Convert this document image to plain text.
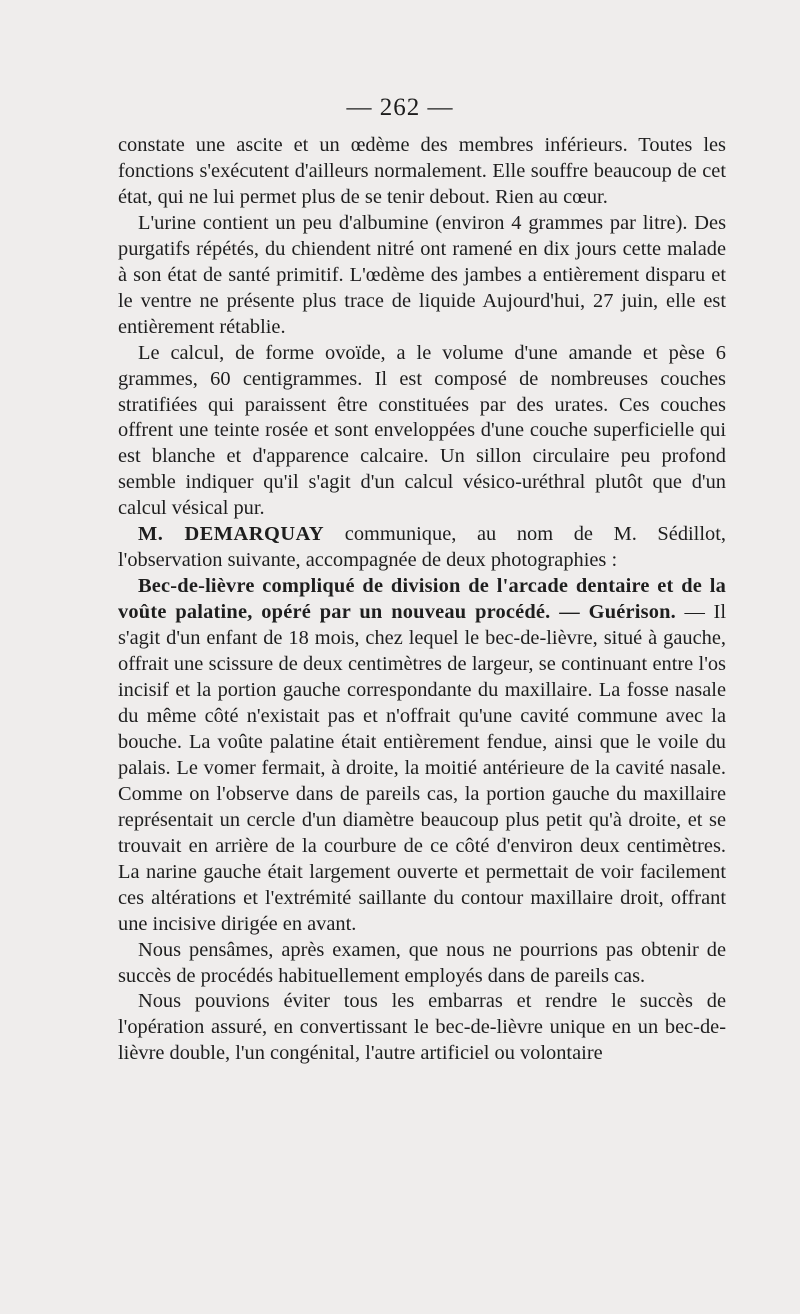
— 262 —

constate une ascite et un œdème des membres inférieurs. Toutes les fonctions s'exécutent d'ailleurs normalement. Elle souffre beaucoup de cet état, qui ne lui permet plus de se tenir debout. Rien au cœur.

L'urine contient un peu d'albumine (environ 4 grammes par litre). Des purgatifs répétés, du chiendent nitré ont ramené en dix jours cette malade à son état de santé primitif. L'œdème des jambes a entièrement disparu et le ventre ne présente plus trace de liquide Aujourd'hui, 27 juin, elle est entièrement rétablie.

Le calcul, de forme ovoïde, a le volume d'une amande et pèse 6 grammes, 60 centigrammes. Il est composé de nombreuses couches stratifiées qui paraissent être constituées par des urates. Ces couches offrent une teinte rosée et sont enveloppées d'une couche superficielle qui est blanche et d'apparence calcaire. Un sillon circulaire peu profond semble indiquer qu'il s'agit d'un calcul vésico-uréthral plutôt que d'un calcul vésical pur.

M. DEMARQUAY communique, au nom de M. Sédillot, l'observation suivante, accompagnée de deux photographies :

Bec-de-lièvre compliqué de division de l'arcade dentaire et de la voûte palatine, opéré par un nouveau procédé. — Guérison. — Il s'agit d'un enfant de 18 mois, chez lequel le bec-de-lièvre, situé à gauche, offrait une scissure de deux centimètres de largeur, se continuant entre l'os incisif et la portion gauche correspondante du maxillaire. La fosse nasale du même côté n'existait pas et n'offrait qu'une cavité commune avec la bouche. La voûte palatine était entièrement fendue, ainsi que le voile du palais. Le vomer fermait, à droite, la moitié antérieure de la cavité nasale. Comme on l'observe dans de pareils cas, la portion gauche du maxillaire représentait un cercle d'un diamètre beaucoup plus petit qu'à droite, et se trouvait en arrière de la courbure de ce côté d'environ deux centimètres. La narine gauche était largement ouverte et permettait de voir facilement ces altérations et l'extrémité saillante du contour maxillaire droit, offrant une incisive dirigée en avant.

Nous pensâmes, après examen, que nous ne pourrions pas obtenir de succès de procédés habituellement employés dans de pareils cas.

Nous pouvions éviter tous les embarras et rendre le succès de l'opération assuré, en convertissant le bec-de-lièvre unique en un bec-de-lièvre double, l'un congénital, l'autre artificiel ou volontaire
